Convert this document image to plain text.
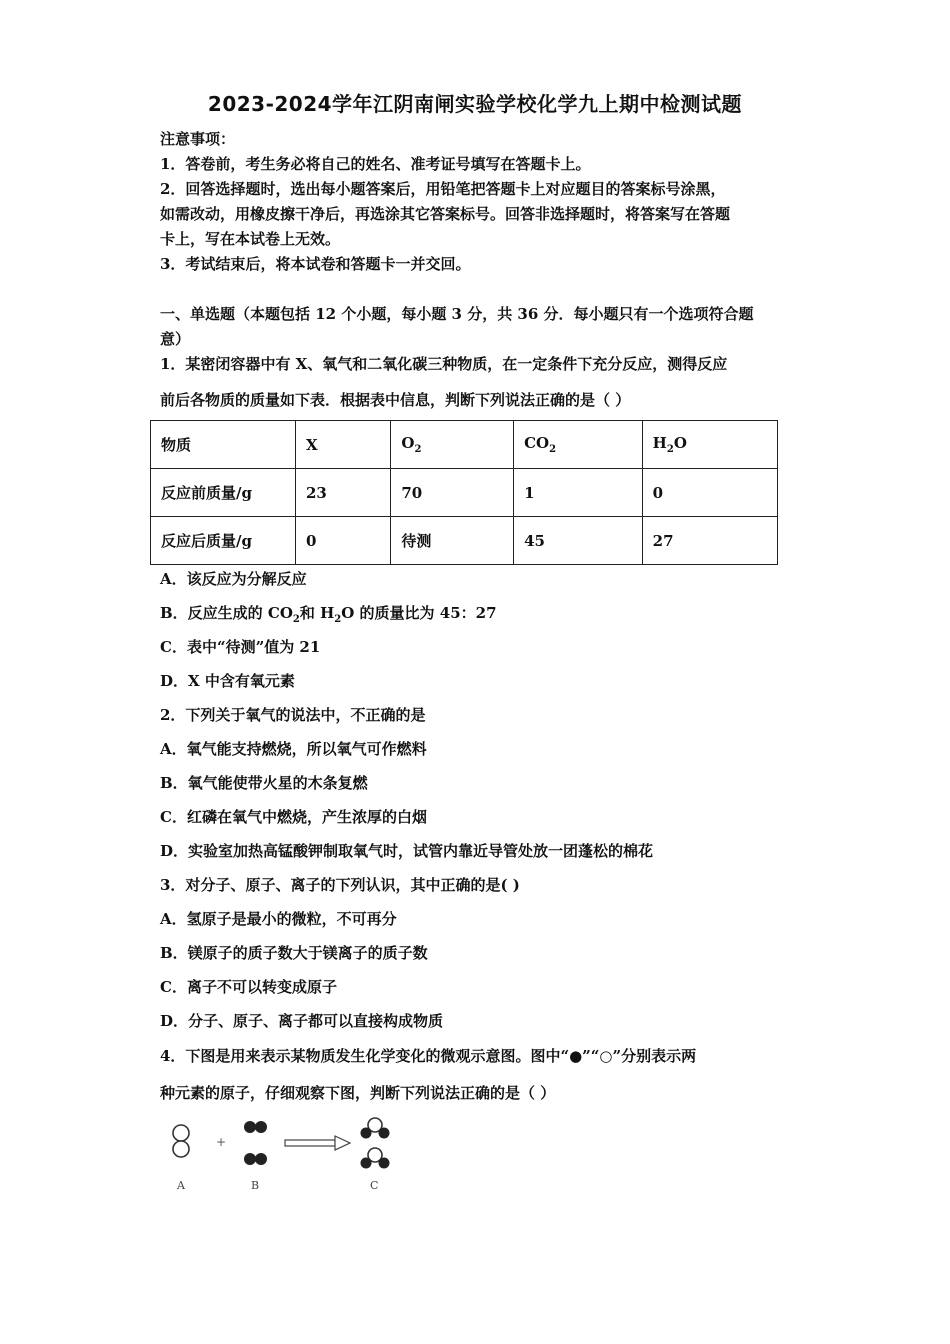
2023-2024学年江阴南闸实验学校化学九上期中检测试题
注意事项：
1．答卷前，考生务必将自己的姓名、准考证号填写在答题卡上。
2．回答选择题时，选出每小题答案后，用铅笔把答题卡上对应题目的答案标号涂黑，
如需改动，用橡皮擦干净后，再选涂其它答案标号。回答非选择题时，将答案写在答题
卡上，写在本试卷上无效。
3．考试结束后，将本试卷和答题卡一并交回。
一、单选题（本题包括 12 个小题，每小题 3 分，共 36 分．每小题只有一个选项符合题
意）
1．某密闭容器中有 X、氧气和二氧化碳三种物质，在一定条件下充分反应，测得反应
前后各物质的质量如下表．根据表中信息，判断下列说法正确的是（ ）
物质	X	$O_2$	$CO_2$	$H_2O$
反应前质量/g	23	70	1	0
反应后质量/g	0	待测	45	27
A．该反应为分解反应
B．反应生成的 $CO_2$和 $H_2O$ 的质量比为 45：27
C．表中“待测”值为 21
D．X 中含有氧元素
2．下列关于氧气的说法中，不正确的是
A．氧气能支持燃烧，所以氧气可作燃料
B．氧气能使带火星的木条复燃
C．红磷在氧气中燃烧，产生浓厚的白烟
D．实验室加热高锰酸钾制取氧气时，试管内靠近导管处放一团蓬松的棉花
3．对分子、原子、离子的下列认识，其中正确的是( )
A．氢原子是最小的微粒，不可再分
B．镁原子的质子数大于镁离子的质子数
C．离子不可以转变成原子
D．分子、原子、离子都可以直接构成物质
4．下图是用来表示某物质发生化学变化的微观示意图。图中“●”“○”分别表示两
种元素的原子，仔细观察下图，判断下列说法正确的是（ ）
+
A	B	C
